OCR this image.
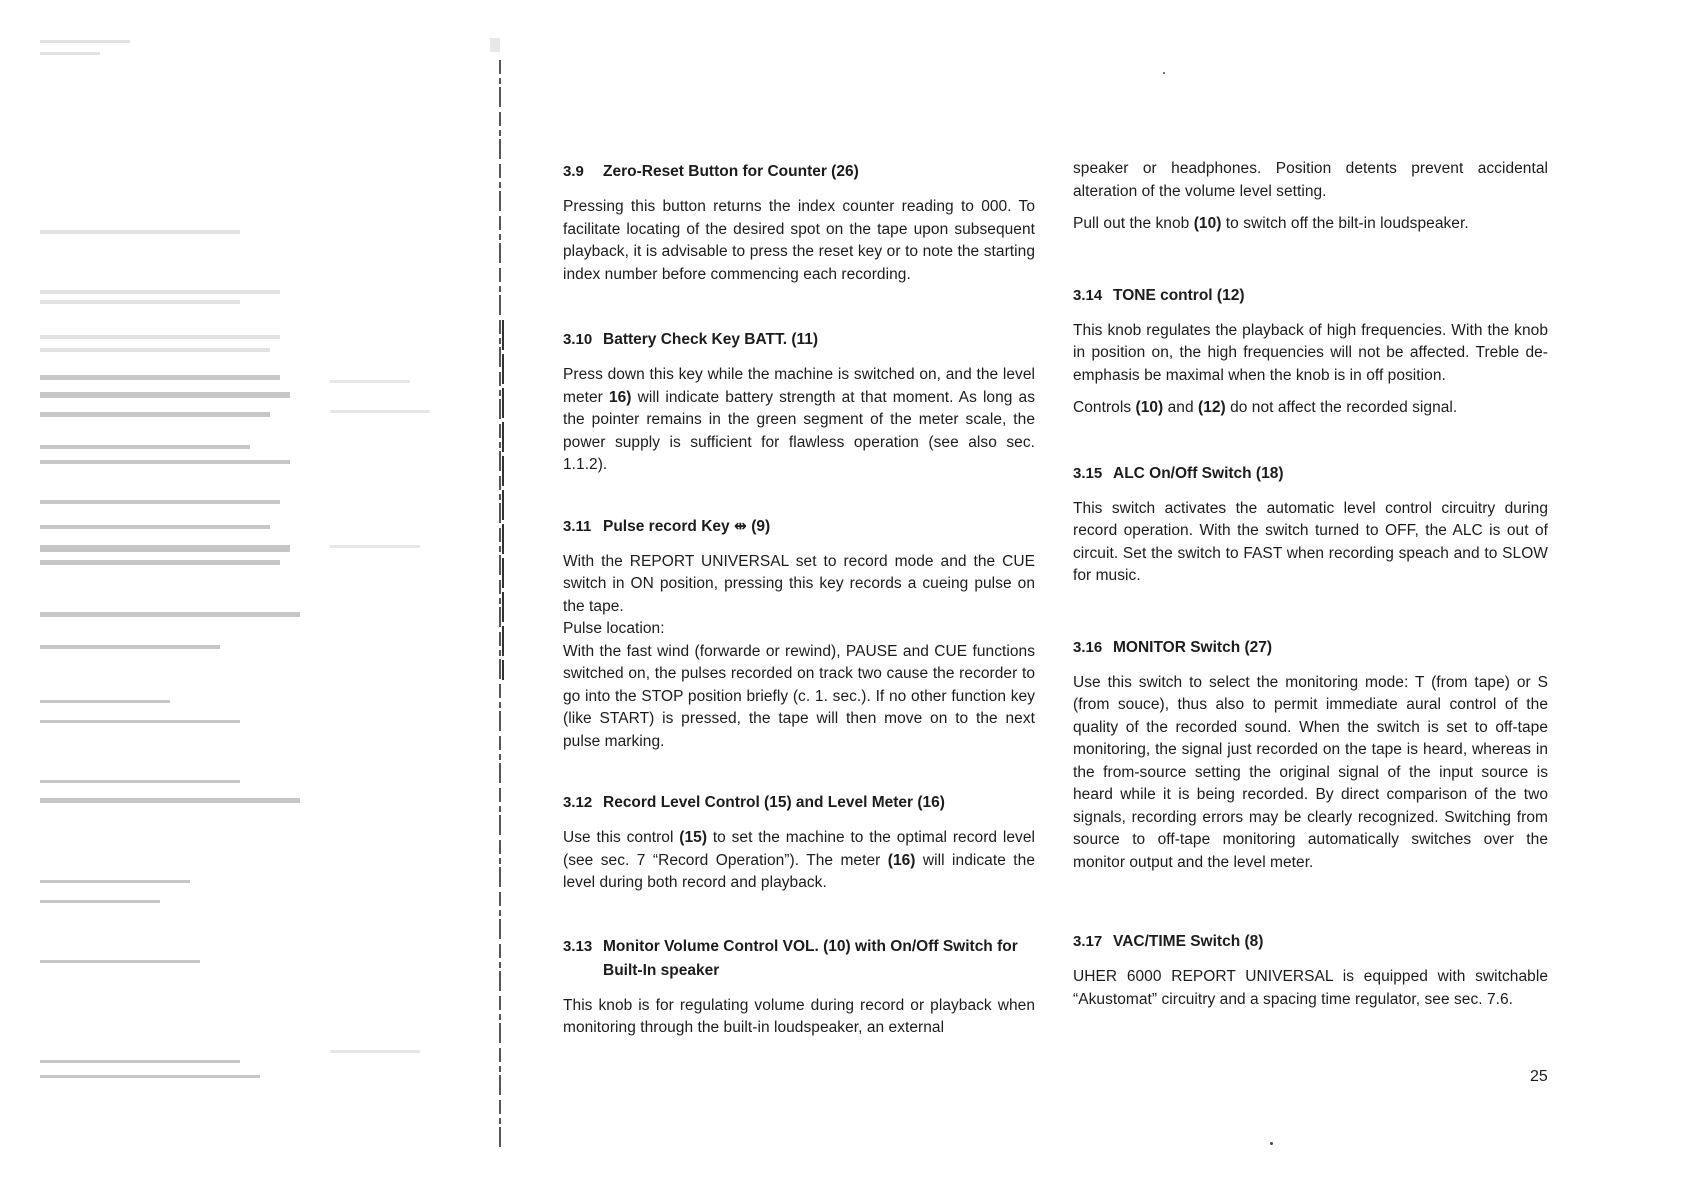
3.9	Zero-Reset Button for Counter (26)

Pressing this button returns the index counter reading to 000. To facilitate locating of the desired spot on the tape upon subsequent playback, it is advisable to press the reset key or to note the starting index number before commencing each recording.

3.10 Battery Check Key BATT. (11)

Press down this key while the machine is switched on, and the level meter 16) will indicate battery strength at that moment. As long as the pointer remains in the green segment of the meter scale, the power supply is sufficient for flawless operation (see also sec. 1.1.2).

3.11 Pulse record Key ⇹ (9)

With the REPORT UNIVERSAL set to record mode and the CUE switch in ON position, pressing this key records a cueing pulse on the tape.

Pulse location:

With the fast wind (forwarde or rewind), PAUSE and CUE functions switched on, the pulses recorded on track two cause the recorder to go into the STOP position briefly (c. 1. sec.). If no other function key (like START) is pressed, the tape will then move on to the next pulse marking.

3.12 Record Level Control (15) and Level Meter (16)

Use this control (15) to set the machine to the optimal record level (see sec. 7 “Record Operation”). The meter (16) will indicate the level during both record and playback.

3.13 Monitor Volume Control VOL. (10) with On/Off Switch for Built-In speaker

This knob is for regulating volume during record or playback when monitoring through the built-in loudspeaker, an external

speaker or headphones. Position detents prevent accidental alteration of the volume level setting.

Pull out the knob (10) to switch off the bilt-in loudspeaker.

3.14 TONE control (12)

This knob regulates the playback of high frequencies. With the knob in position on, the high frequencies will not be affected. Treble de-emphasis be maximal when the knob is in off position.

Controls (10) and (12) do not affect the recorded signal.

3.15 ALC On/Off Switch (18)

This switch activates the automatic level control circuitry during record operation. With the switch turned to OFF, the ALC is out of circuit. Set the switch to FAST when recording speach and to SLOW for music.

3.16 MONITOR Switch (27)

Use this switch to select the monitoring mode: T (from tape) or S (from souce), thus also to permit immediate aural control of the quality of the recorded sound. When the switch is set to off-tape monitoring, the signal just recorded on the tape is heard, whereas in the from-source setting the original signal of the input source is heard while it is being recorded. By direct comparison of the two signals, recording errors may be clearly recognized. Switching from source to off-tape monitoring automatically switches over the monitor output and the level meter.

3.17 VAC/TIME Switch (8)

UHER 6000 REPORT UNIVERSAL is equipped with switchable “Akustomat” circuitry and a spacing time regulator, see sec. 7.6.

25
